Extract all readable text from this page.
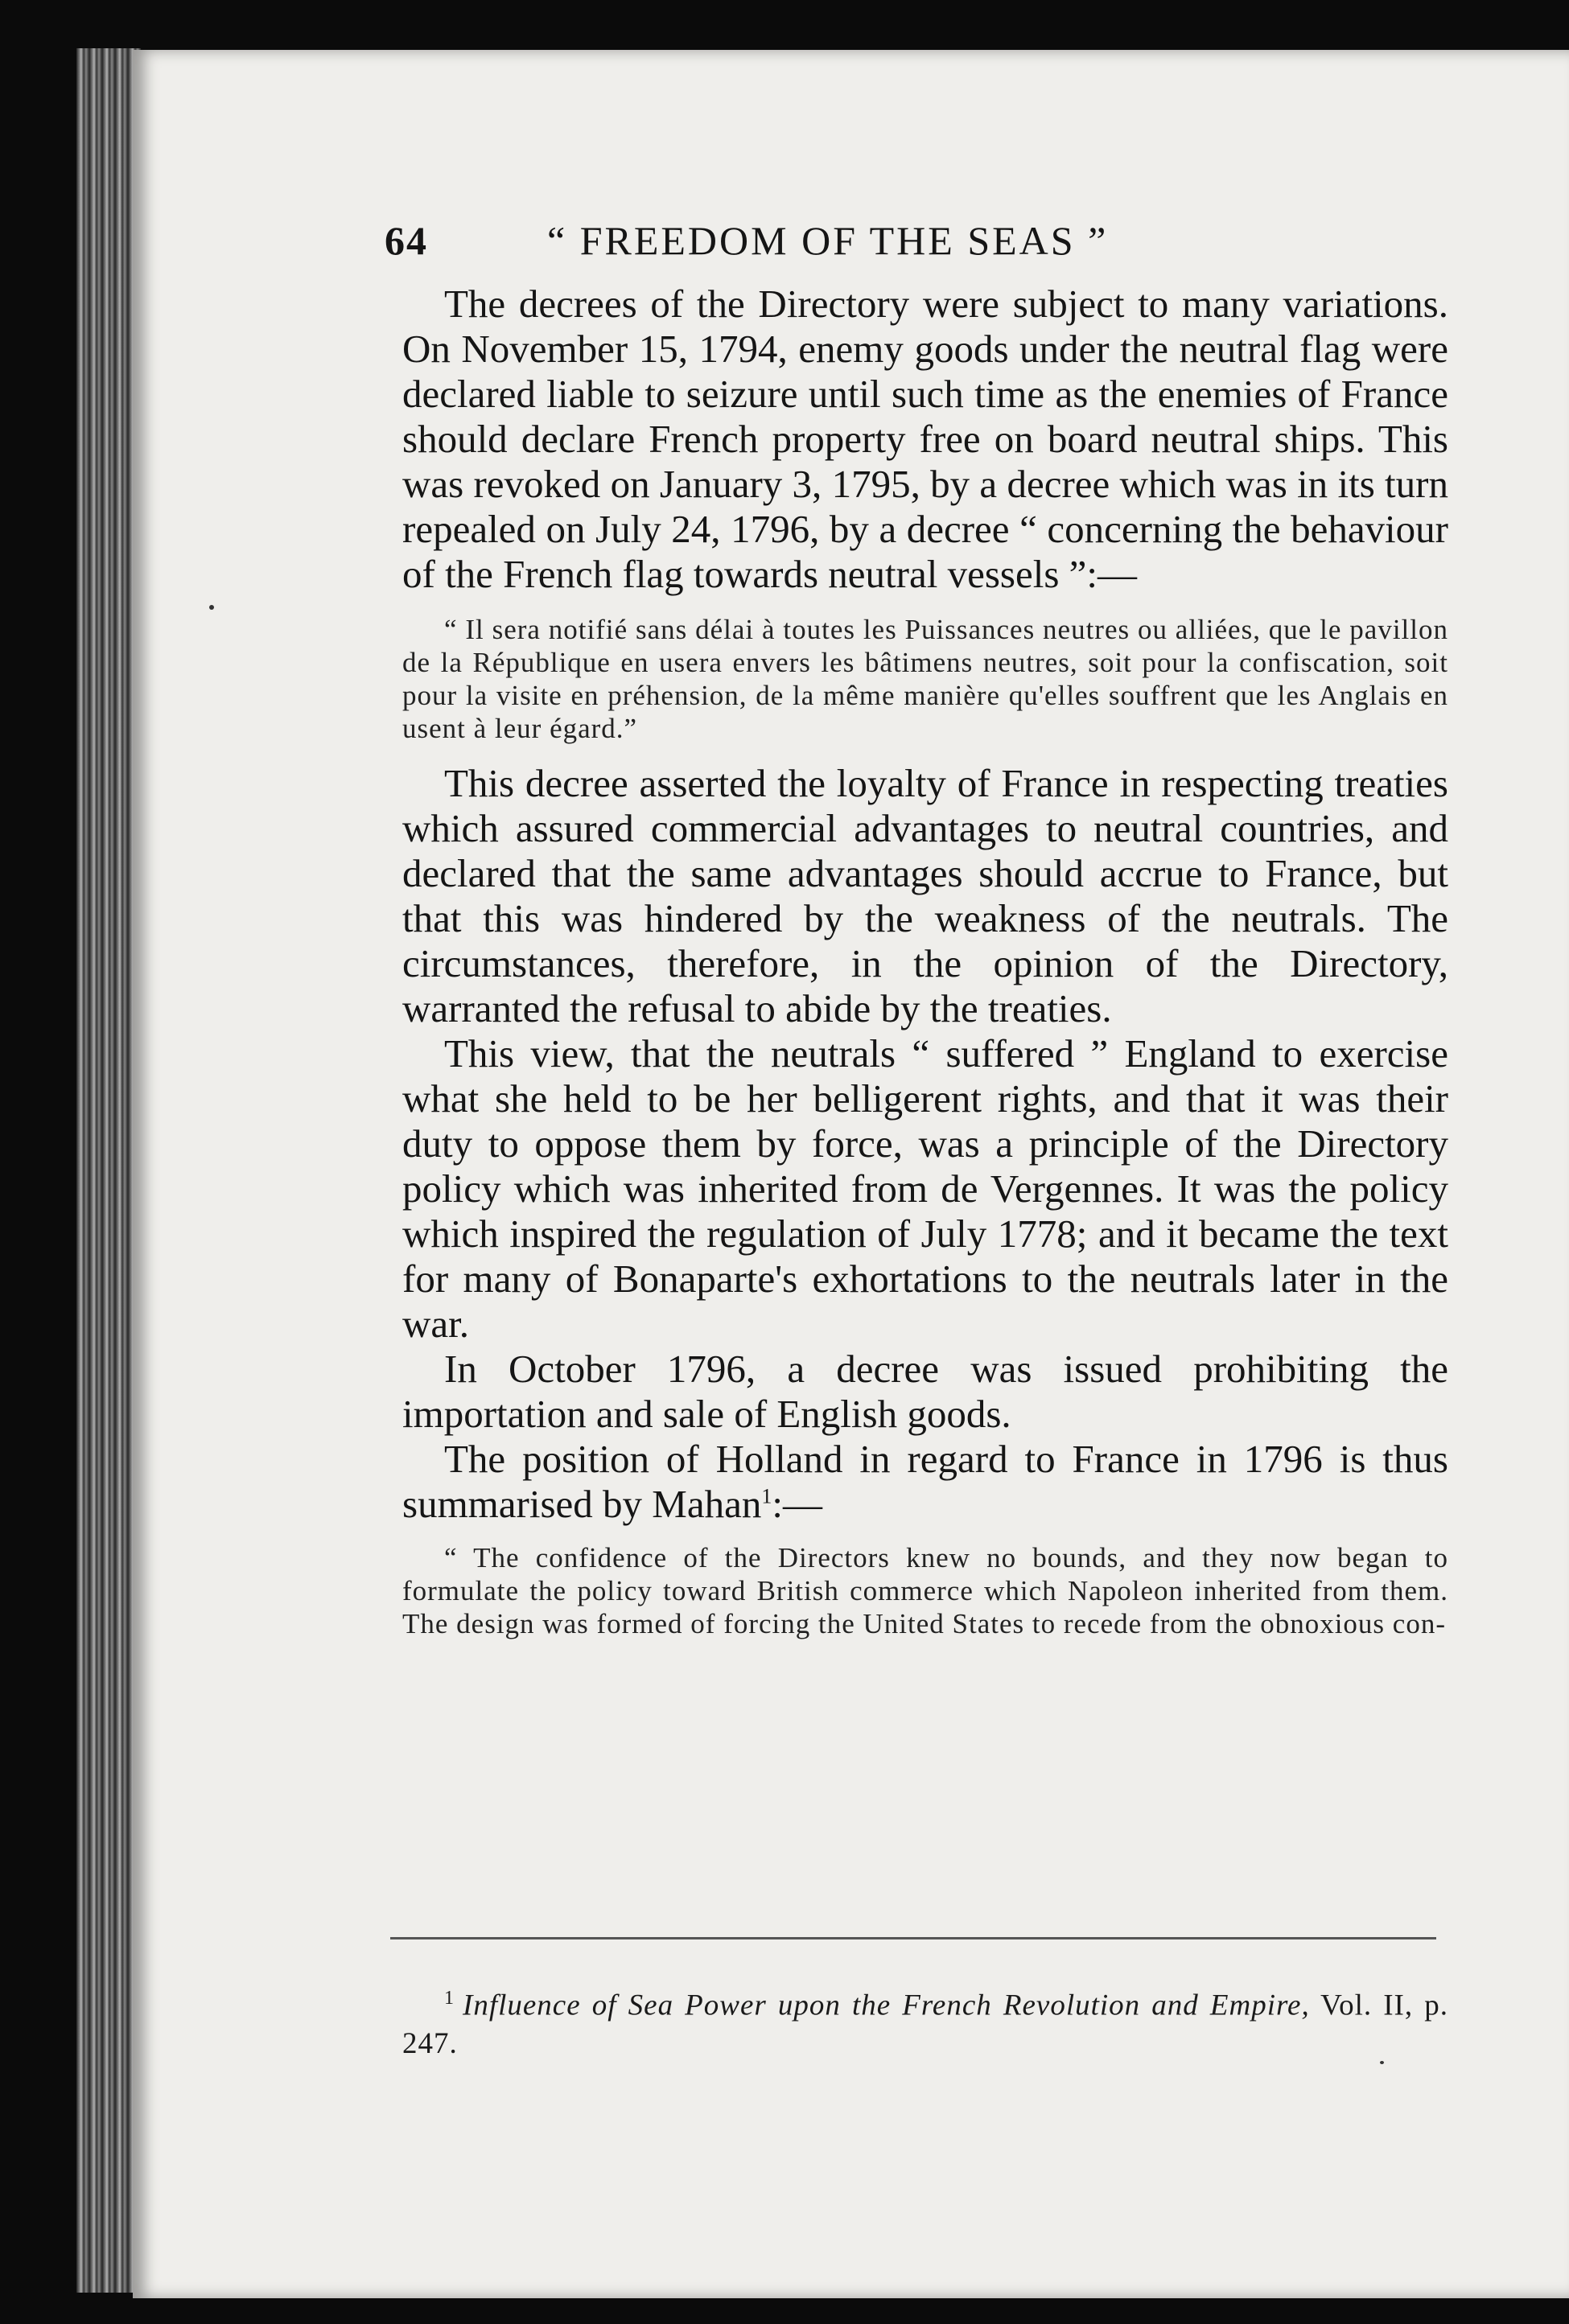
64	“ FREEDOM OF THE SEAS ”

The decrees of the Directory were subject to many variations. On November 15, 1794, enemy goods under the neutral flag were declared liable to seizure until such time as the enemies of France should declare French property free on board neutral ships. This was revoked on January 3, 1795, by a decree which was in its turn repealed on July 24, 1796, by a decree “ concerning the behaviour of the French flag towards neutral vessels ”:—

“ Il sera notifié sans délai à toutes les Puissances neutres ou alliées, que le pavillon de la République en usera envers les bâtimens neutres, soit pour la confiscation, soit pour la visite en préhension, de la même manière qu'elles souffrent que les Anglais en usent à leur égard.”

This decree asserted the loyalty of France in respecting treaties which assured commercial advantages to neutral countries, and declared that the same advantages should accrue to France, but that this was hindered by the weakness of the neutrals. The circumstances, therefore, in the opinion of the Directory, warranted the refusal to abide by the treaties.

This view, that the neutrals “ suffered ” England to exercise what she held to be her belligerent rights, and that it was their duty to oppose them by force, was a principle of the Directory policy which was inherited from de Vergennes. It was the policy which inspired the regulation of July 1778; and it became the text for many of Bonaparte's exhortations to the neutrals later in the war.

In October 1796, a decree was issued prohibiting the importation and sale of English goods.

The position of Holland in regard to France in 1796 is thus summarised by Mahan$^1$:—

“ The confidence of the Directors knew no bounds, and they now began to formulate the policy toward British commerce which Napoleon inherited from them. The design was formed of forcing the United States to recede from the obnoxious con-

$^1$ Influence of Sea Power upon the French Revolution and Empire, Vol. II, p. 247.
